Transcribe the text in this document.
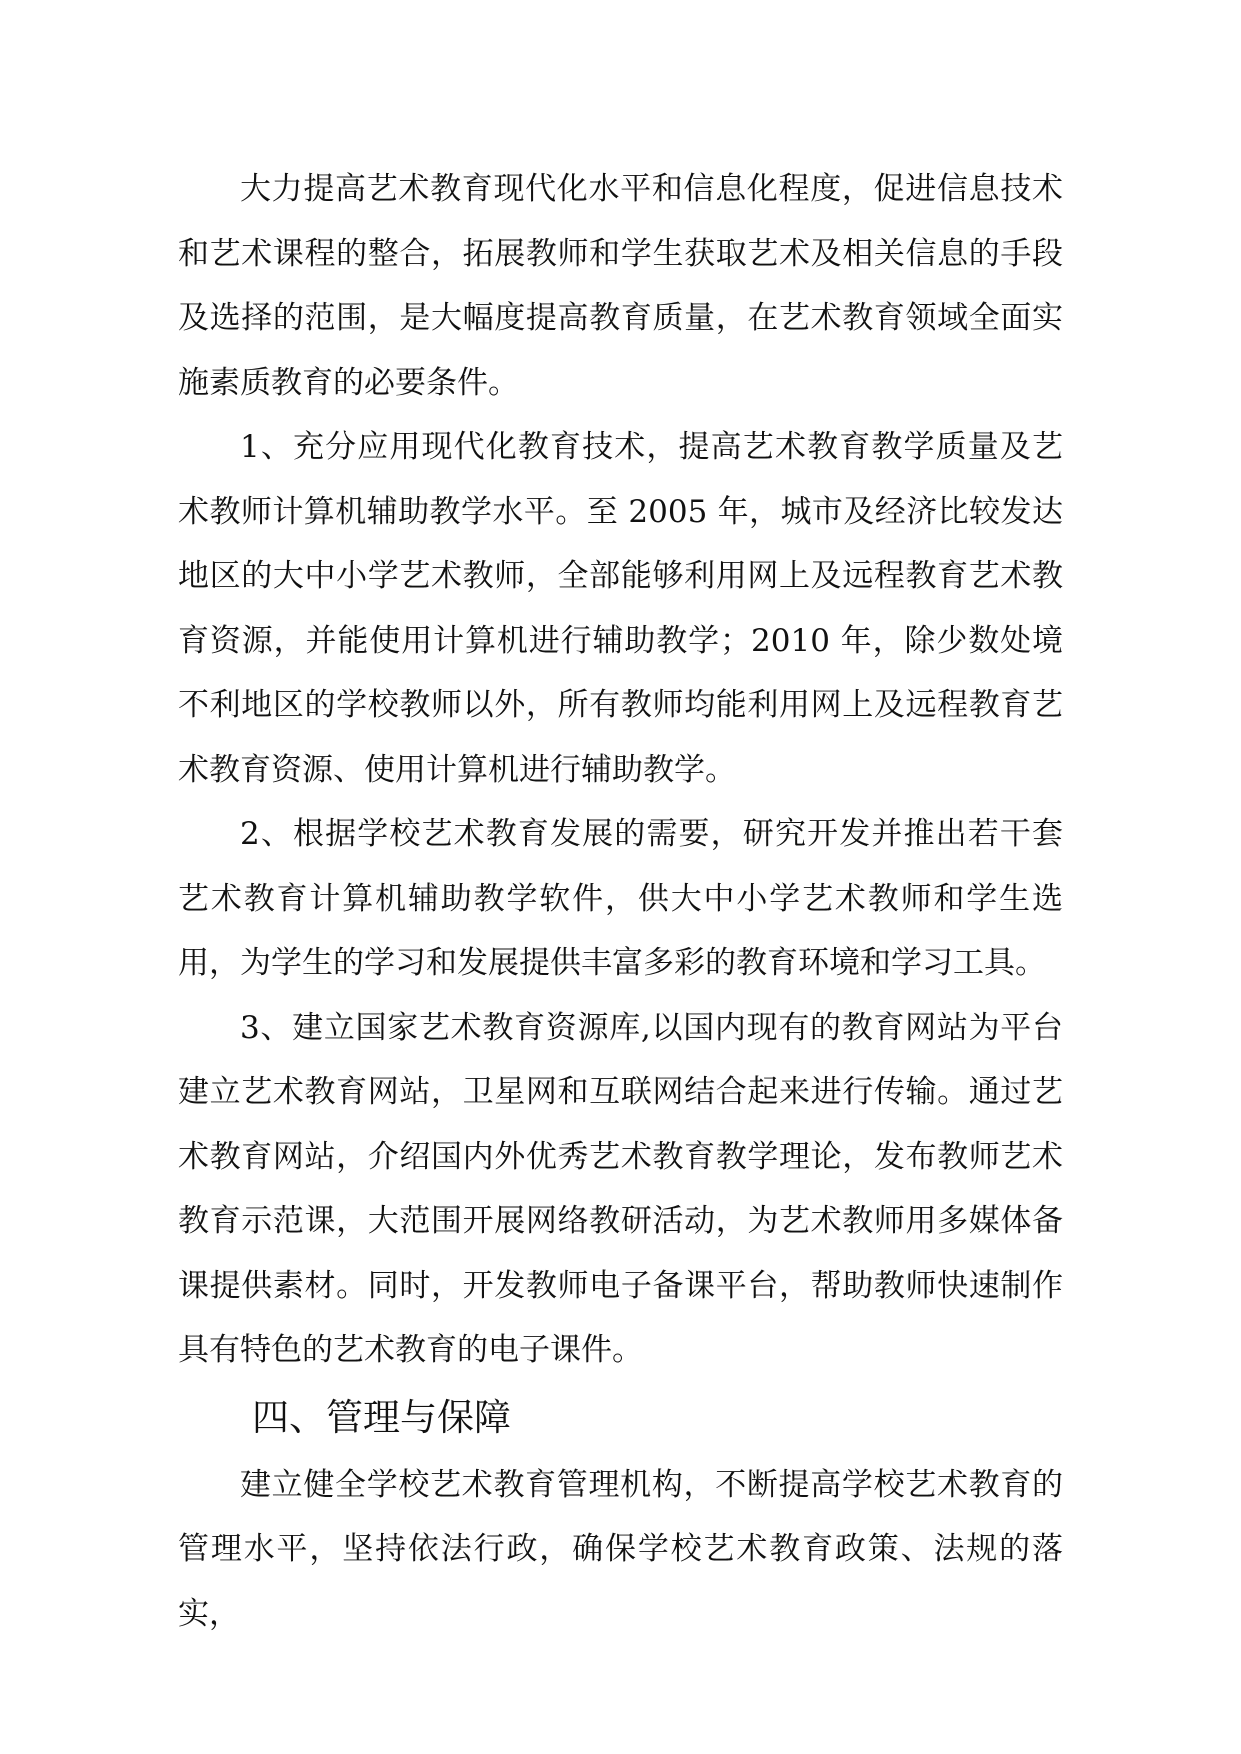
大力提高艺术教育现代化水平和信息化程度，促进信息技术和艺术课程的整合，拓展教师和学生获取艺术及相关信息的手段及选择的范围，是大幅度提高教育质量，在艺术教育领域全面实施素质教育的必要条件。

1、充分应用现代化教育技术，提高艺术教育教学质量及艺术教师计算机辅助教学水平。至 2005 年，城市及经济比较发达地区的大中小学艺术教师，全部能够利用网上及远程教育艺术教育资源，并能使用计算机进行辅助教学；2010 年，除少数处境不利地区的学校教师以外，所有教师均能利用网上及远程教育艺术教育资源、使用计算机进行辅助教学。

2、根据学校艺术教育发展的需要，研究开发并推出若干套艺术教育计算机辅助教学软件，供大中小学艺术教师和学生选用，为学生的学习和发展提供丰富多彩的教育环境和学习工具。

3、建立国家艺术教育资源库,以国内现有的教育网站为平台建立艺术教育网站，卫星网和互联网结合起来进行传输。通过艺术教育网站，介绍国内外优秀艺术教育教学理论，发布教师艺术教育示范课，大范围开展网络教研活动，为艺术教师用多媒体备课提供素材。同时，开发教师电子备课平台，帮助教师快速制作具有特色的艺术教育的电子课件。

四、管理与保障

建立健全学校艺术教育管理机构，不断提高学校艺术教育的管理水平，坚持依法行政，确保学校艺术教育政策、法规的落实，
